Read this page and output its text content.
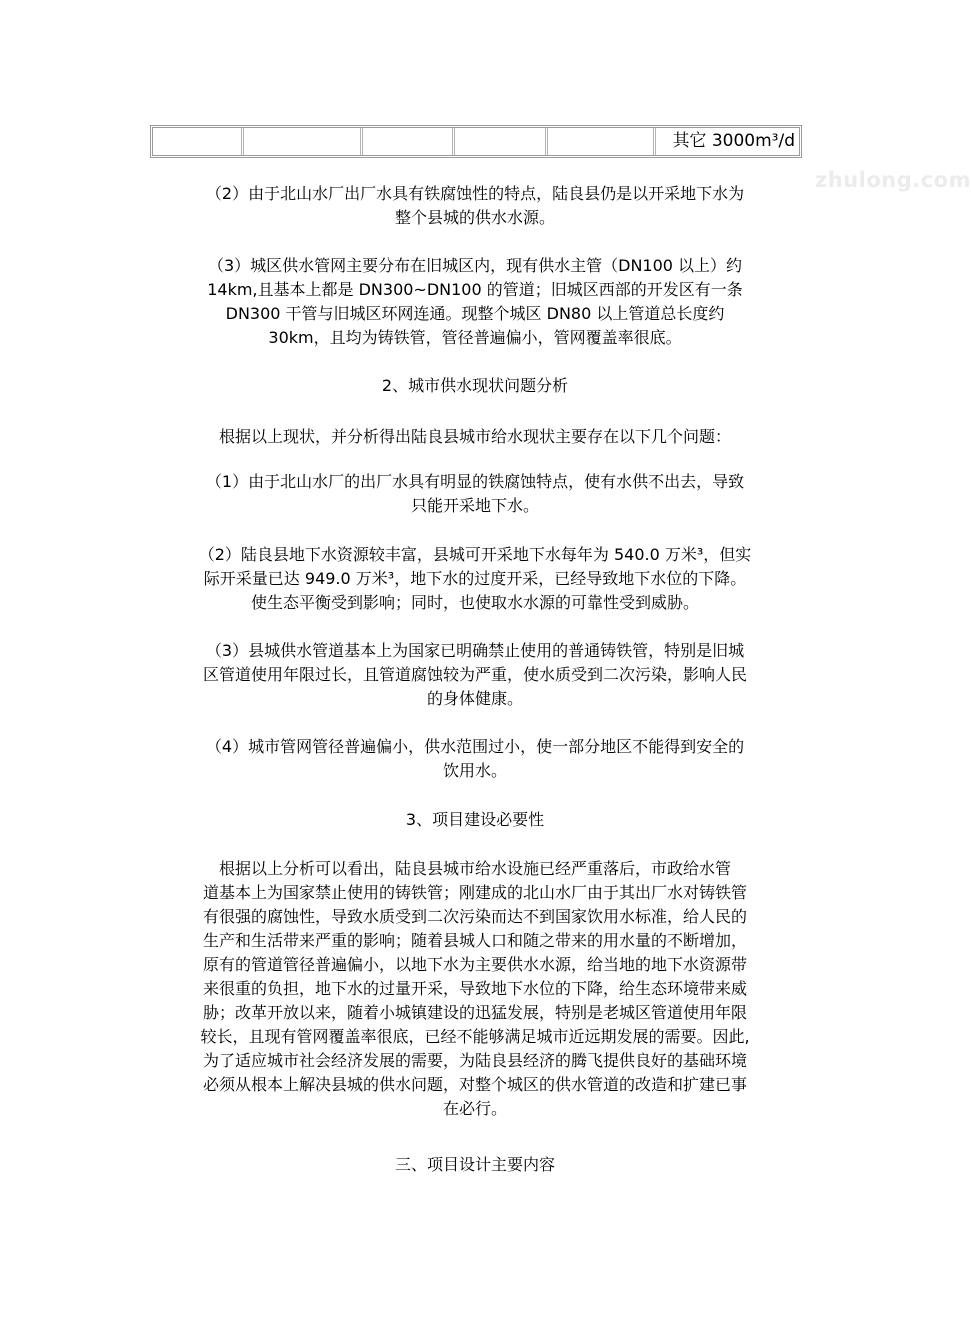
zhulong.com
其它 3000m³/d
（2）由于北山水厂出厂水具有铁腐蚀性的特点，陆良县仍是以开采地下水为
整个县城的供水水源。
（3）城区供水管网主要分布在旧城区内，现有供水主管（DN100 以上）约
14km,且基本上都是 DN300~DN100 的管道；旧城区西部的开发区有一条
DN300 干管与旧城区环网连通。现整个城区 DN80 以上管道总长度约
30km，且均为铸铁管，管径普遍偏小，管网覆盖率很底。
2、城市供水现状问题分析
根据以上现状，并分析得出陆良县城市给水现状主要存在以下几个问题：
（1）由于北山水厂的出厂水具有明显的铁腐蚀特点，使有水供不出去，导致
只能开采地下水。
（2）陆良县地下水资源较丰富，县城可开采地下水每年为 540.0 万米³，但实
际开采量已达 949.0 万米³，地下水的过度开采，已经导致地下水位的下降。
使生态平衡受到影响；同时，也使取水水源的可靠性受到威胁。
（3）县城供水管道基本上为国家已明确禁止使用的普通铸铁管，特别是旧城
区管道使用年限过长，且管道腐蚀较为严重，使水质受到二次污染，影响人民
的身体健康。
（4）城市管网管径普遍偏小，供水范围过小，使一部分地区不能得到安全的
饮用水。
3、项目建设必要性
根据以上分析可以看出，陆良县城市给水设施已经严重落后，市政给水管
道基本上为国家禁止使用的铸铁管；刚建成的北山水厂由于其出厂水对铸铁管
有很强的腐蚀性，导致水质受到二次污染而达不到国家饮用水标准，给人民的
生产和生活带来严重的影响；随着县城人口和随之带来的用水量的不断增加，
原有的管道管径普遍偏小，以地下水为主要供水水源，给当地的地下水资源带
来很重的负担，地下水的过量开采，导致地下水位的下降，给生态环境带来威
胁；改革开放以来，随着小城镇建设的迅猛发展，特别是老城区管道使用年限
较长，且现有管网覆盖率很底，已经不能够满足城市近远期发展的需要。因此,
为了适应城市社会经济发展的需要，为陆良县经济的腾飞提供良好的基础环境
必须从根本上解决县城的供水问题，对整个城区的供水管道的改造和扩建已事
在必行。
三、项目设计主要内容
